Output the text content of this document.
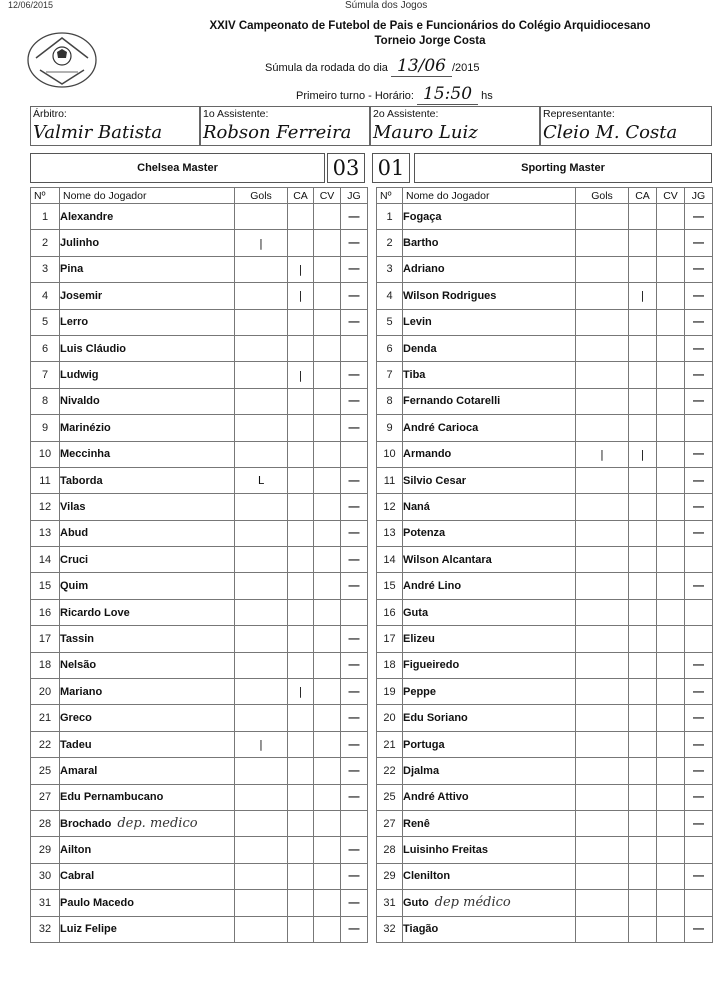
12/06/2015	Súmula dos Jogos
XXIV Campeonato de Futebol de Pais e Funcionários do Colégio Arquidiocesano
Torneio Jorge Costa
Súmula da rodada do dia 13/06 /2015
Primeiro turno - Horário: 15:50 hs
Árbitro:
Valmir Batista
1o Assistente:
Robson Ferreira
2o Assistente:
Mauro Luiz
Representante:
Cleio M. Costa
Chelsea Master	03 01	Sporting Master
Nº	Nome do Jogador	Gols	CA	CV	JG
1	Alexandre				—
2	Julinho	|			—
3	Pina		|		—
4	Josemir		|		—
5	Lerro				—
6	Luis Cláudio				
7	Ludwig		|		—
8	Nivaldo				—
9	Marinézio				—
10	Meccinha				
11	Taborda	L			—
12	Vilas				—
13	Abud				—
14	Cruci				—
15	Quim				—
16	Ricardo Love				
17	Tassin				—
18	Nelsão				—
20	Mariano		|		—
21	Greco				—
22	Tadeu	|			—
25	Amaral				—
27	Edu Pernambucano				—
28	Brochado dep. medico				
29	Ailton				—
30	Cabral				—
31	Paulo Macedo				—
32	Luiz Felipe				—
Nº	Nome do Jogador	Gols	CA	CV	JG
1	Fogaça				—
2	Bartho				—
3	Adriano				—
4	Wilson Rodrigues		|		—
5	Levin				—
6	Denda				—
7	Tiba				—
8	Fernando Cotarelli				—
9	André Carioca				
10	Armando	|	|		—
11	Silvio Cesar				—
12	Naná				—
13	Potenza				—
14	Wilson Alcantara				
15	André Lino				—
16	Guta				
17	Elizeu				
18	Figueiredo				—
19	Peppe				—
20	Edu Soriano				—
21	Portuga				—
22	Djalma				—
25	André Attivo				—
27	Renê				—
28	Luisinho Freitas				
29	Clenilton				—
31	Guto dep médico				
32	Tiagão				—
